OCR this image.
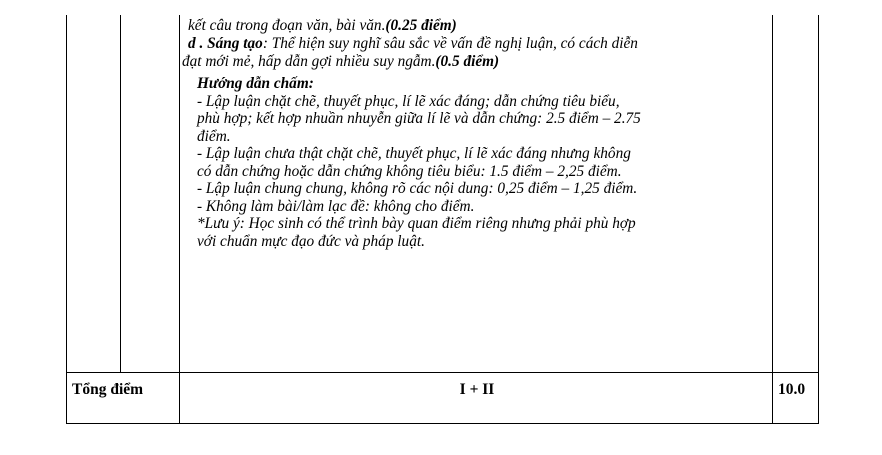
kết câu trong đoạn văn, bài văn.(0.25 điểm)

d . Sáng tạo: Thể hiện suy nghĩ sâu sắc về vấn đề nghị luận, có cách diễn

đạt mới mẻ, hấp dẫn gợi nhiều suy ngẫm.(0.5 điểm)

Hướng dẫn chấm:

- Lập luận chặt chẽ, thuyết phục, lí lẽ xác đáng; dẫn chứng tiêu biểu,

phù hợp; kết hợp nhuần nhuyễn giữa lí lẽ và dẫn chứng: 2.5 điểm – 2.75

điểm.

- Lập luận chưa thật chặt chẽ, thuyết phục, lí lẽ xác đáng nhưng không

có dẫn chứng hoặc dẫn chứng không tiêu biểu: 1.5 điểm – 2,25 điểm.

- Lập luận chung chung, không rõ các nội dung: 0,25 điểm – 1,25 điểm.

- Không làm bài/làm lạc đề: không cho điểm.

*Lưu ý: Học sinh có thể trình bày quan điểm riêng nhưng phải phù hợp

với chuẩn mực đạo đức và pháp luật.

Tổng điểm	I + II	10.0
